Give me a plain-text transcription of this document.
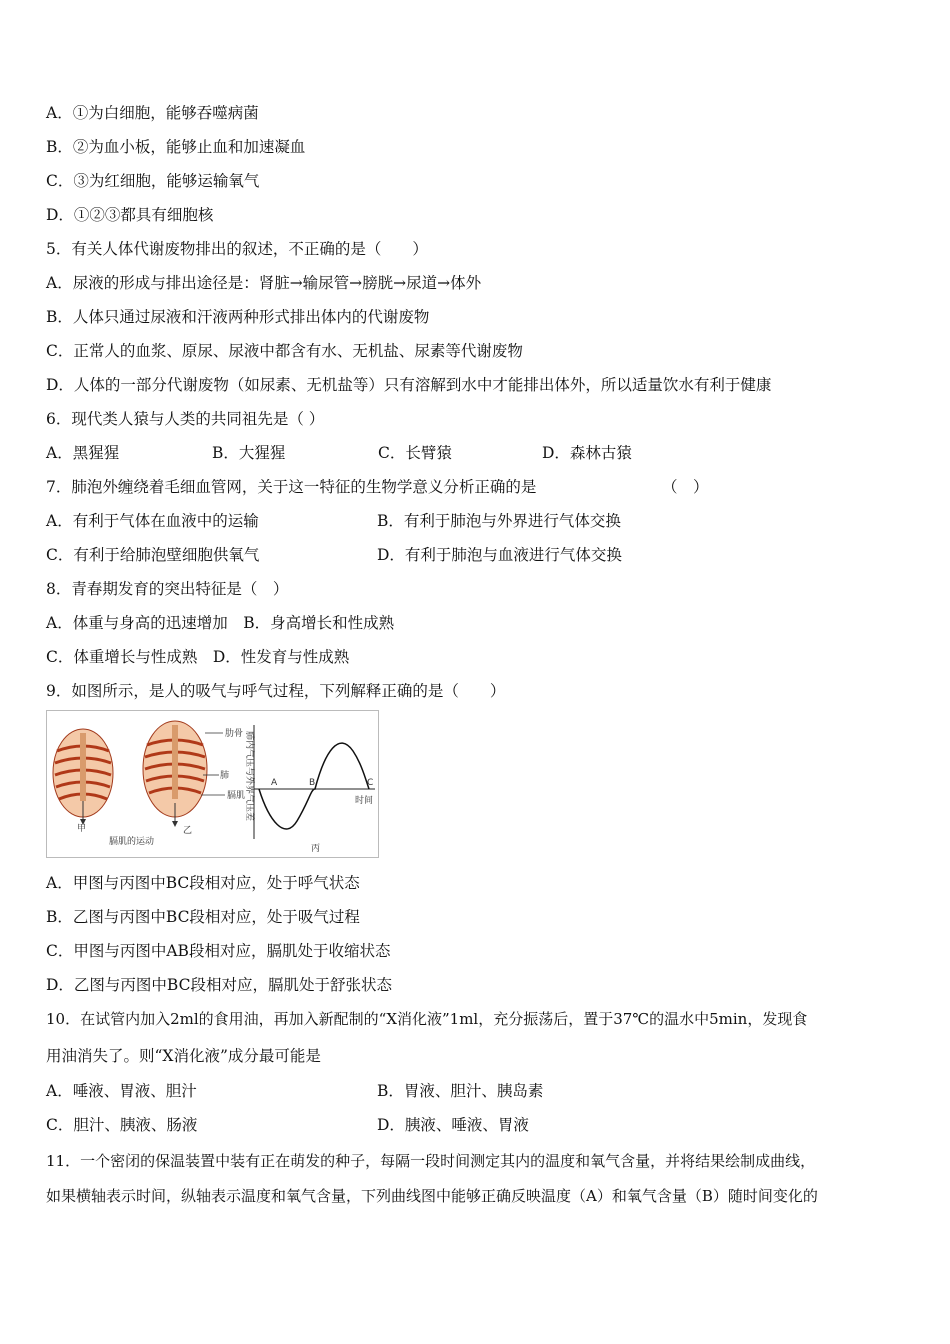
A．①为白细胞，能够吞噬病菌
B．②为血小板，能够止血和加速凝血
C．③为红细胞，能够运输氧气
D．①②③都具有细胞核
5．有关人体代谢废物排出的叙述，不正确的是（　　）
A．尿液的形成与排出途径是：肾脏→输尿管→膀胱→尿道→体外
B．人体只通过尿液和汗液两种形式排出体内的代谢废物
C．正常人的血浆、原尿、尿液中都含有水、无机盐、尿素等代谢废物
D．人体的一部分代谢废物（如尿素、无机盐等）只有溶解到水中才能排出体外，所以适量饮水有利于健康
6．现代类人猿与人类的共同祖先是（ ）
A．黑猩猩	B．大猩猩	C．长臂猿	D．森林古猿
7．肺泡外缠绕着毛细血管网，关于这一特征的生物学意义分析正确的是	（　）
A．有利于气体在血液中的运输	B．有利于肺泡与外界进行气体交换
C．有利于给肺泡壁细胞供氧气	D．有利于肺泡与血液进行气体交换
8．青春期发育的突出特征是（　）
A．体重与身高的迅速增加　B．身高增长和性成熟
C．体重增长与性成熟　D．性发育与性成熟
9．如图所示，是人的吸气与呼气过程，下列解释正确的是（　　）
肋骨
肺
膈肌
甲	乙
膈肌的运动
肺内气压与外界气压差	时间
A	B	C
丙
A．甲图与丙图中BC段相对应，处于呼气状态
B．乙图与丙图中BC段相对应，处于吸气过程
C．甲图与丙图中AB段相对应，膈肌处于收缩状态
D．乙图与丙图中BC段相对应，膈肌处于舒张状态
10．在试管内加入2ml的食用油，再加入新配制的“X消化液”1ml，充分振荡后，置于37℃的温水中5min，发现食
用油消失了。则“X消化液”成分最可能是
A．唾液、胃液、胆汁	B．胃液、胆汁、胰岛素
C．胆汁、胰液、肠液	D．胰液、唾液、胃液
11．一个密闭的保温装置中装有正在萌发的种子，每隔一段时间测定其内的温度和氧气含量，并将结果绘制成曲线，
如果横轴表示时间，纵轴表示温度和氧气含量，下列曲线图中能够正确反映温度（A）和氧气含量（B）随时间变化的
